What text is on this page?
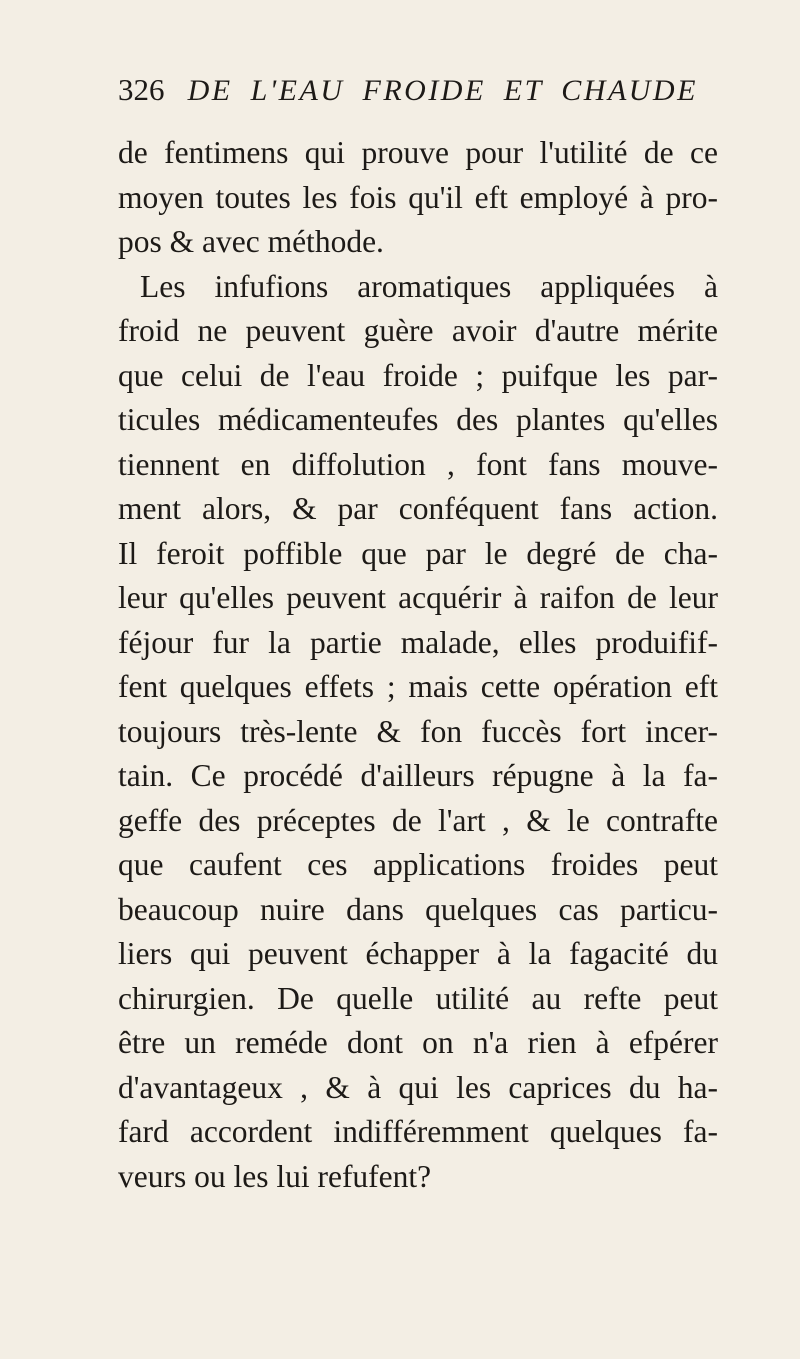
326 DE L'EAU FROIDE ET CHAUDE
de fentimens qui prouve pour l'utilité de ce
moyen toutes les fois qu'il eft employé à pro-
pos & avec méthode.
Les infufions aromatiques appliquées à
froid ne peuvent guère avoir d'autre mérite
que celui de l'eau froide ; puifque les par-
ticules médicamenteufes des plantes qu'elles
tiennent en diffolution , font fans mouve-
ment alors, & par conféquent fans action.
Il feroit poffible que par le degré de cha-
leur qu'elles peuvent acquérir à raifon de leur
féjour fur la partie malade, elles produifif-
fent quelques effets ; mais cette opération eft
toujours très-lente & fon fuccès fort incer-
tain. Ce procédé d'ailleurs répugne à la fa-
geffe des préceptes de l'art , & le contrafte
que caufent ces applications froides peut
beaucoup nuire dans quelques cas particu-
liers qui peuvent échapper à la fagacité du
chirurgien. De quelle utilité au refte peut
être un reméde dont on n'a rien à efpérer
d'avantageux , & à qui les caprices du ha-
fard accordent indifféremment quelques fa-
veurs ou les lui refufent?
